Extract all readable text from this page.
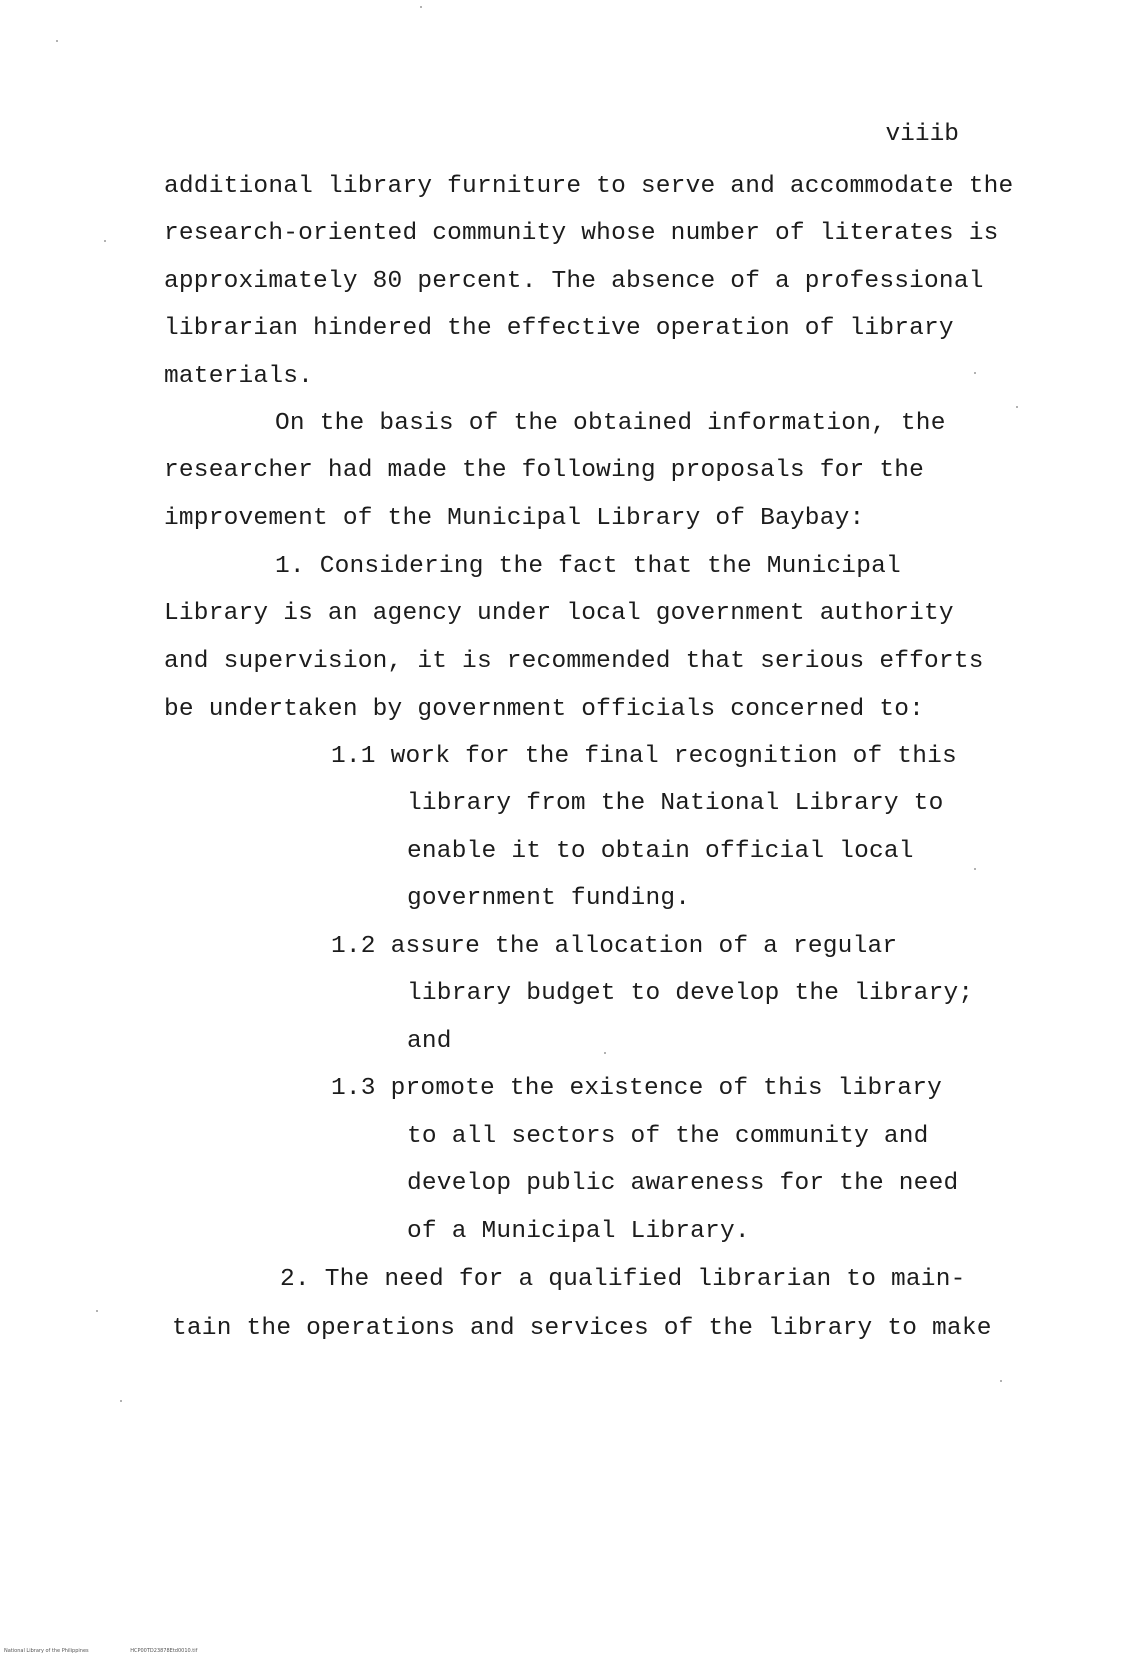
viiib
additional library furniture to serve and accommodate the
research-oriented community whose number of literates is
approximately 80 percent. The absence of a professional
librarian hindered the effective operation of library
materials.
On the basis of the obtained information, the
researcher had made the following proposals for the
improvement of the Municipal Library of Baybay:
1. Considering the fact that the Municipal
Library is an agency under local government authority
and supervision, it is recommended that serious efforts
be undertaken by government officials concerned to:
1.1 work for the final recognition of this
library from the National Library to
enable it to obtain official local
government funding.
1.2 assure the allocation of a regular
library budget to develop the library;
and
1.3 promote the existence of this library
to all sectors of the community and
develop public awareness for the need
of a Municipal Library.
2. The need for a qualified librarian to main-
tain the operations and services of the library to make
National Library of the Philippines	HCP00TD23878Etd0010.tif
